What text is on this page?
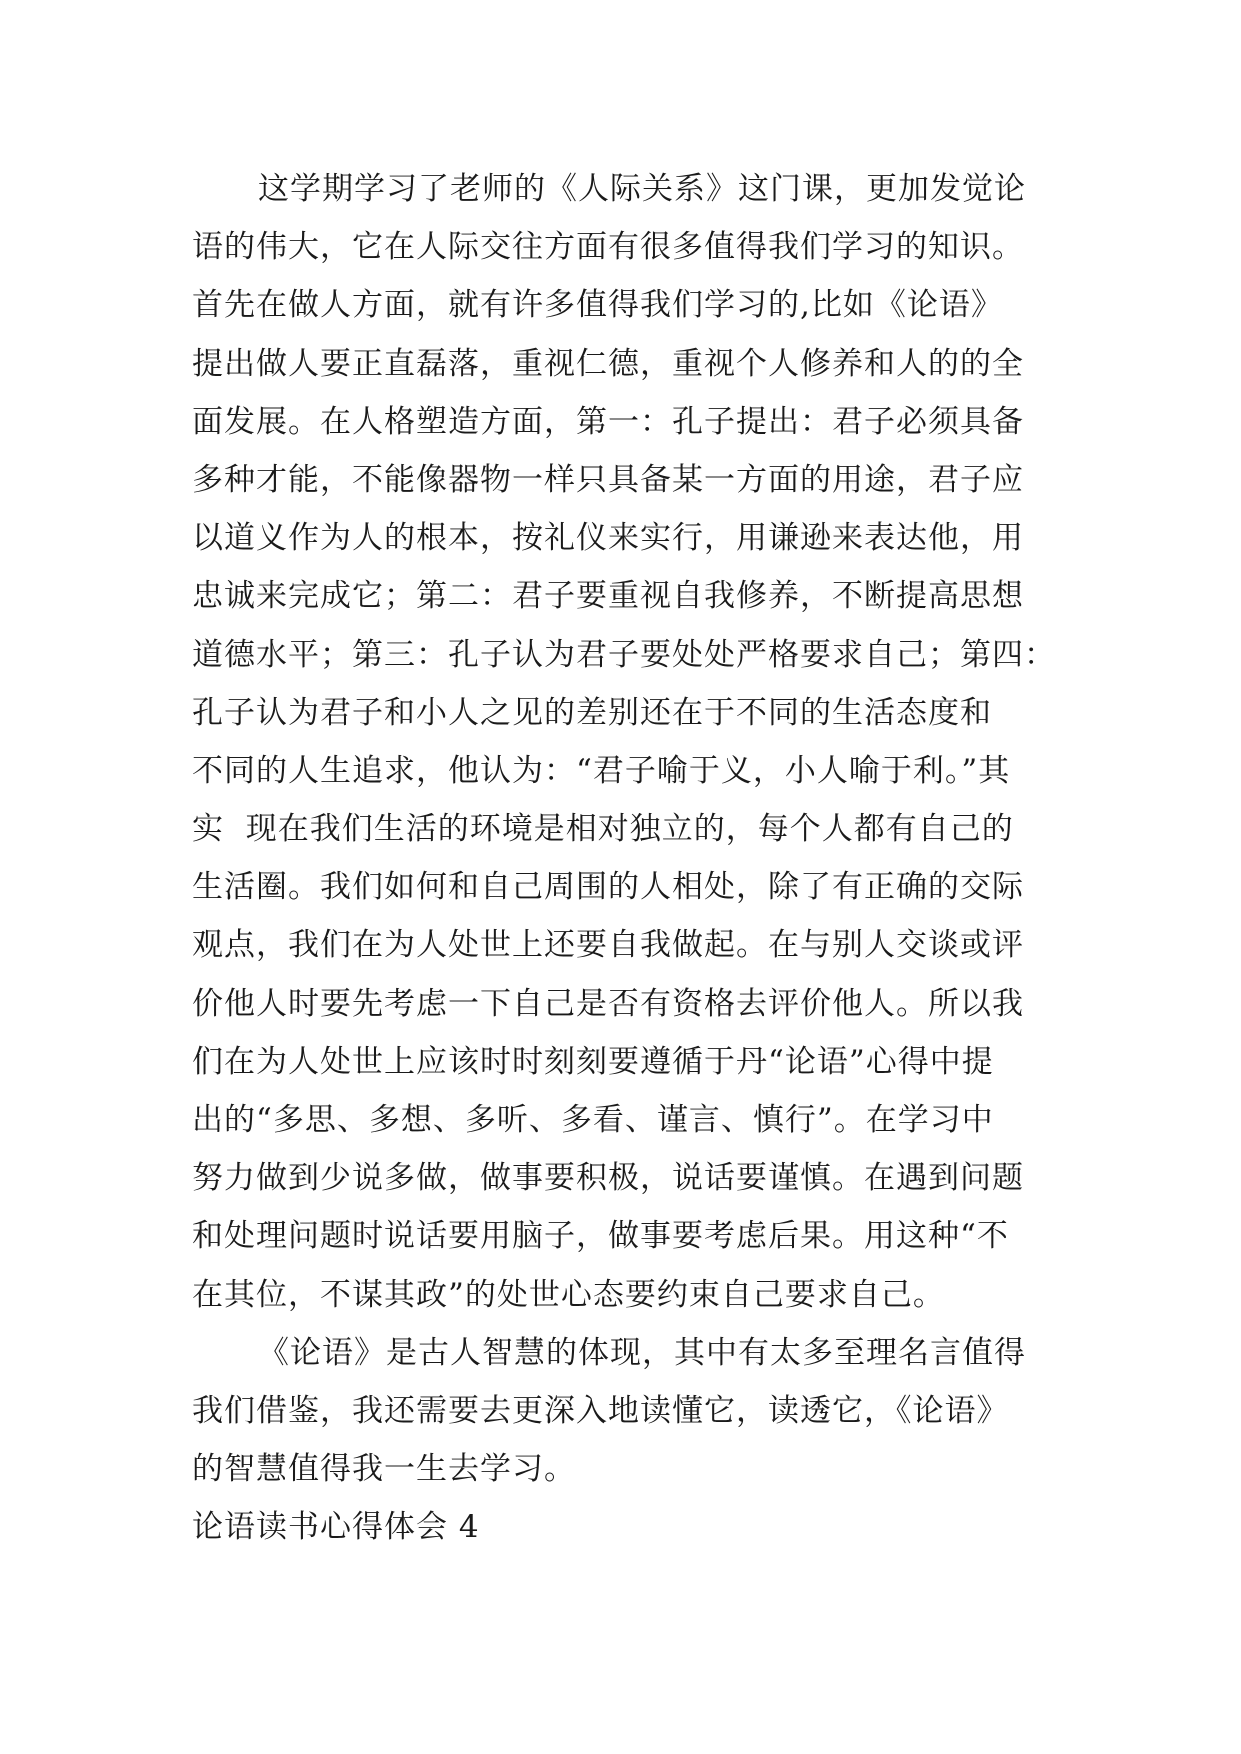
这学期学习了老师的《人际关系》这门课，更加发觉论
语的伟大，它在人际交往方面有很多值得我们学习的知识。
首先在做人方面，就有许多值得我们学习的,比如《论语》
提出做人要正直磊落，重视仁德，重视个人修养和人的的全
面发展。在人格塑造方面，第一：孔子提出：君子必须具备
多种才能，不能像器物一样只具备某一方面的用途，君子应
以道义作为人的根本，按礼仪来实行，用谦逊来表达他，用
忠诚来完成它；第二：君子要重视自我修养，不断提高思想
道德水平；第三：孔子认为君子要处处严格要求自己；第四：
孔子认为君子和小人之见的差别还在于不同的生活态度和
不同的人生追求，他认为：“君子喻于义，小人喻于利。”其
实  现在我们生活的环境是相对独立的，每个人都有自己的
生活圈。我们如何和自己周围的人相处，除了有正确的交际
观点，我们在为人处世上还要自我做起。在与别人交谈或评
价他人时要先考虑一下自己是否有资格去评价他人。所以我
们在为人处世上应该时时刻刻要遵循于丹“论语”心得中提
出的“多思、多想、多听、多看、谨言、慎行”。在学习中
努力做到少说多做，做事要积极，说话要谨慎。在遇到问题
和处理问题时说话要用脑子，做事要考虑后果。用这种“不
在其位，不谋其政”的处世心态要约束自己要求自己。
《论语》是古人智慧的体现，其中有太多至理名言值得
我们借鉴，我还需要去更深入地读懂它，读透它，《论语》
的智慧值得我一生去学习。
论语读书心得体会 4
